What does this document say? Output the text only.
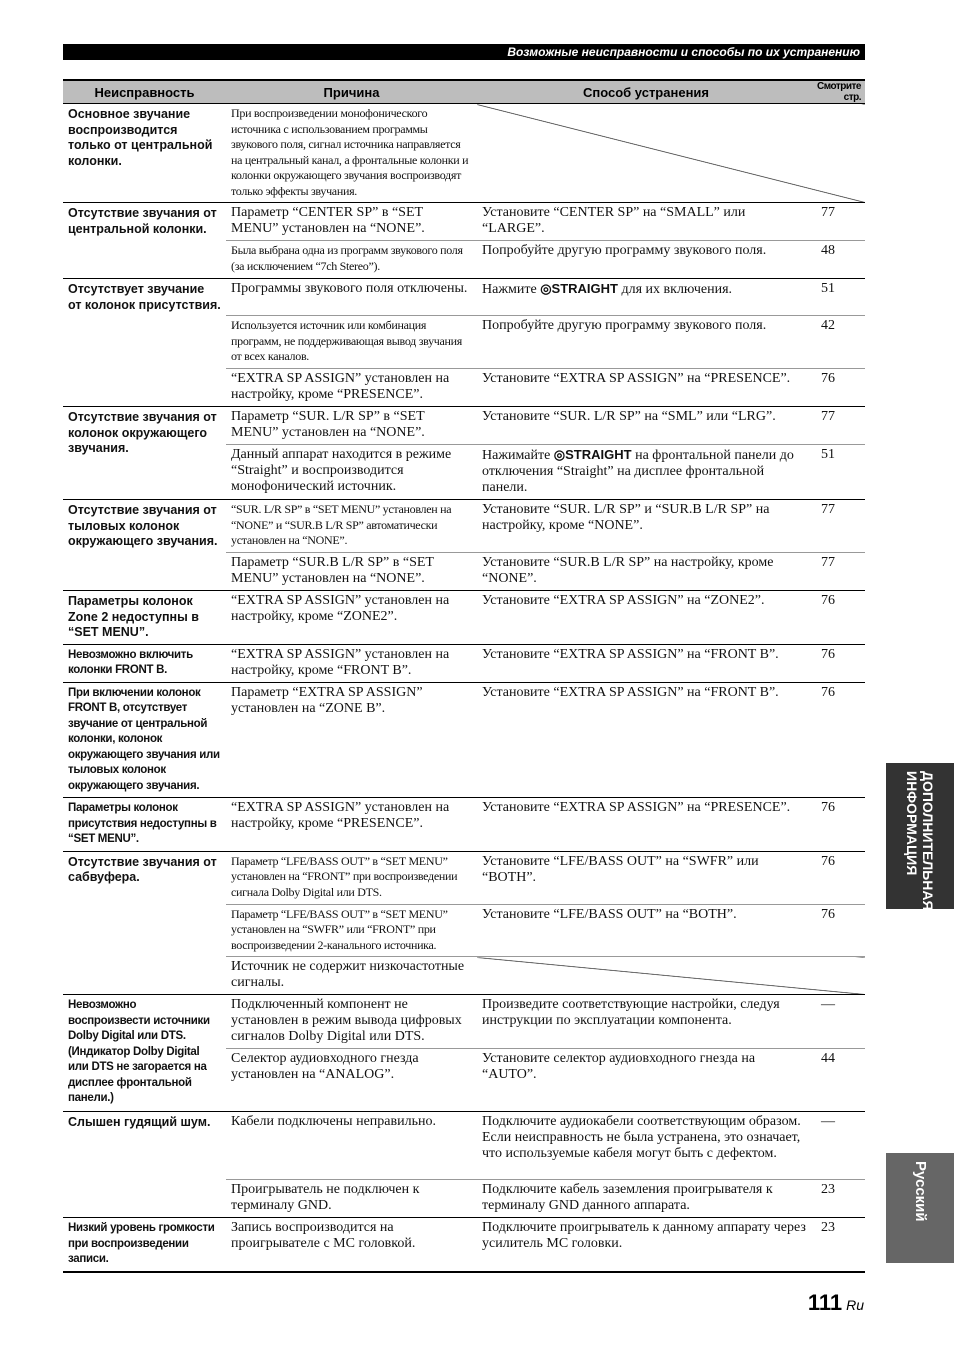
Возможные неисправности и способы по их устранению
Неисправность	Причина	Способ устранения	Смотрите стр.
Основное звучание воспроизводится только от центральной колонки.	При воспроизведении монофонического источника с использованием программы звукового поля, сигнал источника направляется на центральный канал, а фронтальные колонки и колонки окружающего звучания воспроизводят только эффекты звучания.		
Отсутствие звучания от центральной колонки.	Параметр “CENTER SP” в “SET MENU” установлен на “NONE”.	Установите “CENTER SP” на “SMALL” или “LARGE”.	77
	Была выбрана одна из программ звукового поля (за исключением “7ch Stereo”).	Попробуйте другую программу звукового поля.	48
Отсутствует звучание от колонок присутствия.	Программы звукового поля отключены.	Нажмите ◎STRAIGHT для их включения.	51
	Используется источник или комбинация программ, не поддерживающая вывод звучания от всех каналов.	Попробуйте другую программу звукового поля.	42
	“EXTRA SP ASSIGN” установлен на настройку, кроме “PRESENCE”.	Установите “EXTRA SP ASSIGN” на “PRESENCE”.	76
Отсутствие звучания от колонок окружающего звучания.	Параметр “SUR. L/R SP” в “SET MENU” установлен на “NONE”.	Установите “SUR. L/R SP” на “SML” или “LRG”.	77
	Данный аппарат находится в режиме “Straight” и воспроизводится монофонический источник.	Нажимайте ◎STRAIGHT на фронтальной панели до отключения “Straight” на дисплее фронтальной панели.	51
Отсутствие звучания от тыловых колонок окружающего звучания.	“SUR. L/R SP” в “SET MENU” установлен на “NONE” и “SUR.B L/R SP” автоматически установлен на “NONE”.	Установите “SUR. L/R SP” и “SUR.B L/R SP” на настройку, кроме “NONE”.	77
	Параметр “SUR.B L/R SP” в “SET MENU” установлен на “NONE”.	Установите “SUR.B L/R SP” на настройку, кроме “NONE”.	77
Параметры колонок Zone 2 недоступны в “SET MENU”.	“EXTRA SP ASSIGN” установлен на настройку, кроме “ZONE2”.	Установите “EXTRA SP ASSIGN” на “ZONE2”.	76
Невозможно включить колонки FRONT B.	“EXTRA SP ASSIGN” установлен на настройку, кроме “FRONT B”.	Установите “EXTRA SP ASSIGN” на “FRONT B”.	76
При включении колонок FRONT B, отсутствует звучание от центральной колонки, колонок окружающего звучания или тыловых колонок окружающего звучания.	Параметр “EXTRA SP ASSIGN” установлен на “ZONE B”.	Установите “EXTRA SP ASSIGN” на “FRONT B”.	76
Параметры колонок присутствия недоступны в “SET MENU”.	“EXTRA SP ASSIGN” установлен на настройку, кроме “PRESENCE”.	Установите “EXTRA SP ASSIGN” на “PRESENCE”.	76
Отсутствие звучания от сабвуфера.	Параметр “LFE/BASS OUT” в “SET MENU” установлен на “FRONT” при воспроизведении сигнала Dolby Digital или DTS.	Установите “LFE/BASS OUT” на “SWFR” или “BOTH”.	76
	Параметр “LFE/BASS OUT” в “SET MENU” установлен на “SWFR” или “FRONT” при воспроизведении 2-канального источника.	Установите “LFE/BASS OUT” на “BOTH”.	76
	Источник не содержит низкочастотные сигналы.		
Невозможно воспроизвести источники Dolby Digital или DTS. (Индикатор Dolby Digital или DTS не загорается на дисплее фронтальной панели.)	Подключенный компонент не установлен в режим вывода цифровых сигналов Dolby Digital или DTS.	Произведите соответствующие настройки, следуя инструкции по эксплуатации компонента.	—
	Селектор аудиовходного гнезда установлен на “ANALOG”.	Установите селектор аудиовходного гнезда на “AUTO”.	44
Слышен гудящий шум.	Кабели подключены неправильно.	Подключите аудиокабели соответствующим образом. Если неисправность не была устранена, это означает, что используемые кабеля могут быть с дефектом.	—
	Проигрыватель не подключен к терминалу GND.	Подключите кабель заземления проигрывателя к терминалу GND данного аппарата.	23
Низкий уровень громкости при воспроизведении записи.	Запись воспроизводится на проигрывателе с МС головкой.	Подключите проигрыватель к данному аппарату через усилитель МС головки.	23
ДОПОЛНИТЕЛЬНАЯ ИНФОРМАЦИЯ
Русский
111 Ru
